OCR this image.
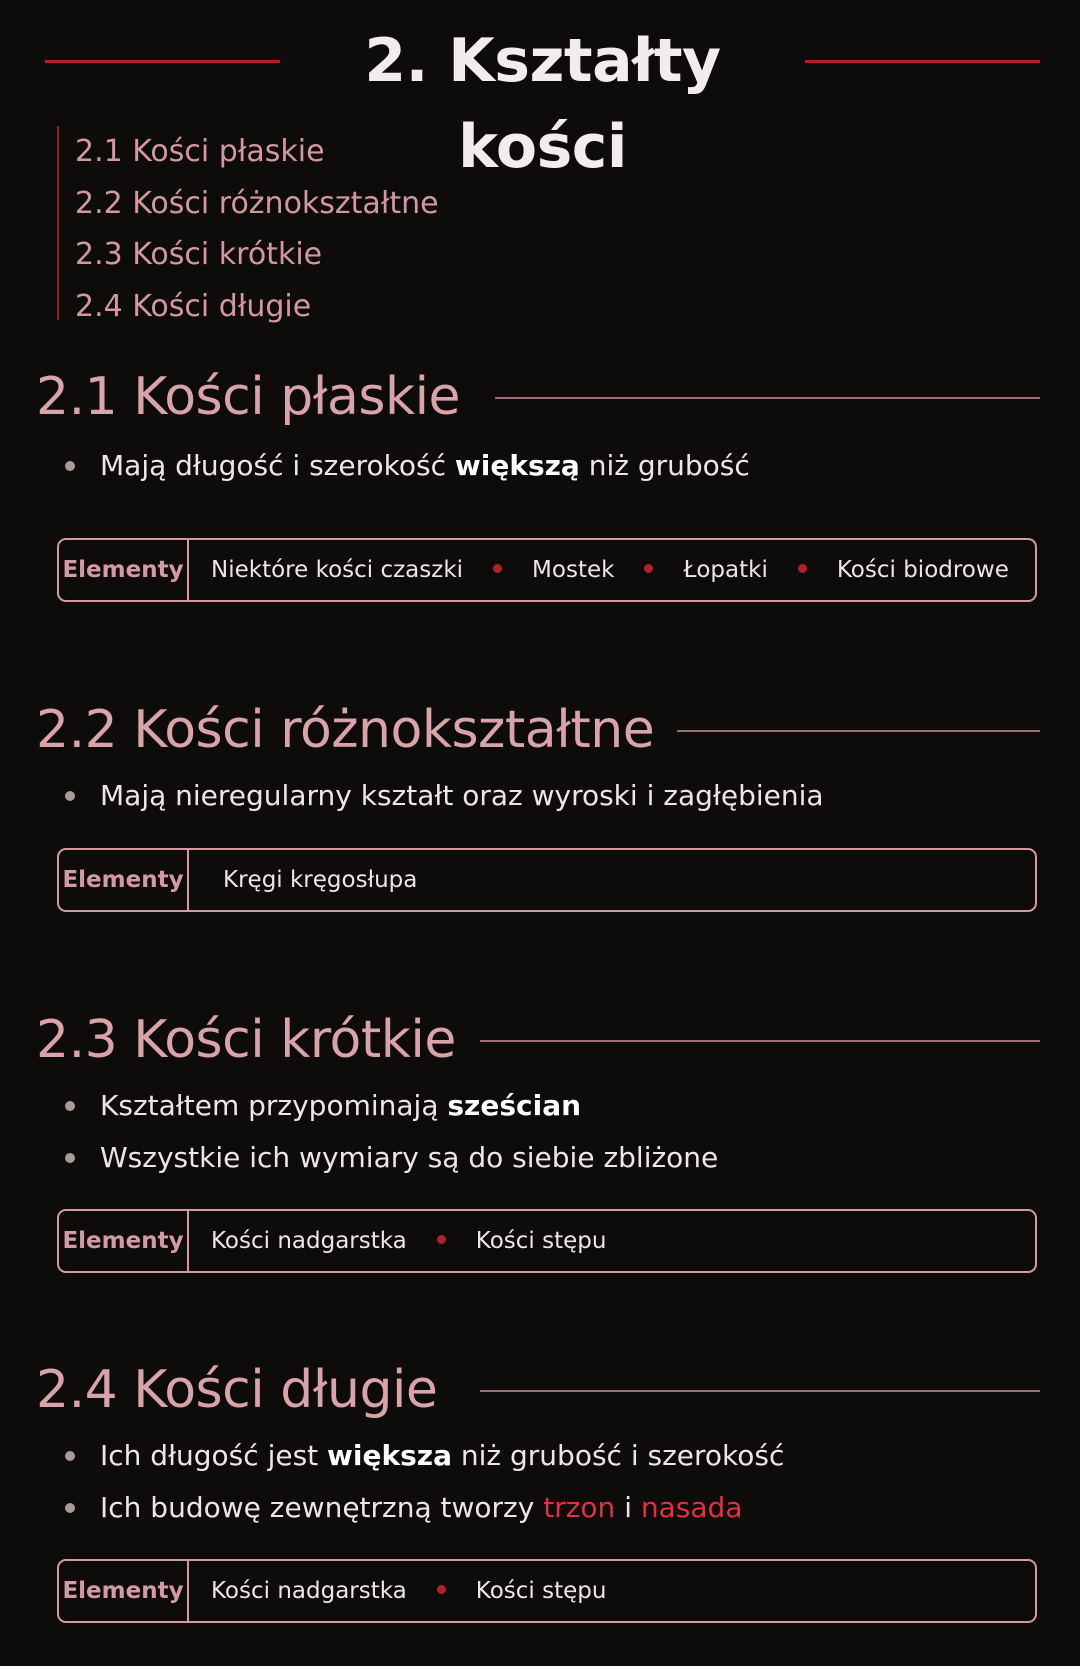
2. Kształty kości
2.1 Kości płaskie
2.2 Kości różnokształtne
2.3 Kości krótkie
2.4 Kości długie
2.1 Kości płaskie
Mają długość i szerokość większą niż grubość
Elementy Niektóre kości czaszki	Mostek	Łopatki	Kości biodrowe
2.2 Kości różnokształtne
Mają nieregularny kształt oraz wyroski i zagłębienia
Elementy Kręgi kręgosłupa
2.3 Kości krótkie
Kształtem przypominają sześcian
Wszystkie ich wymiary są do siebie zbliżone
Elementy Kości nadgarstka	Kości stępu
2.4 Kości długie
Ich długość jest większa niż grubość i szerokość
Ich budowę zewnętrzną tworzy trzon i nasada
Elementy Kości nadgarstka	Kości stępu
